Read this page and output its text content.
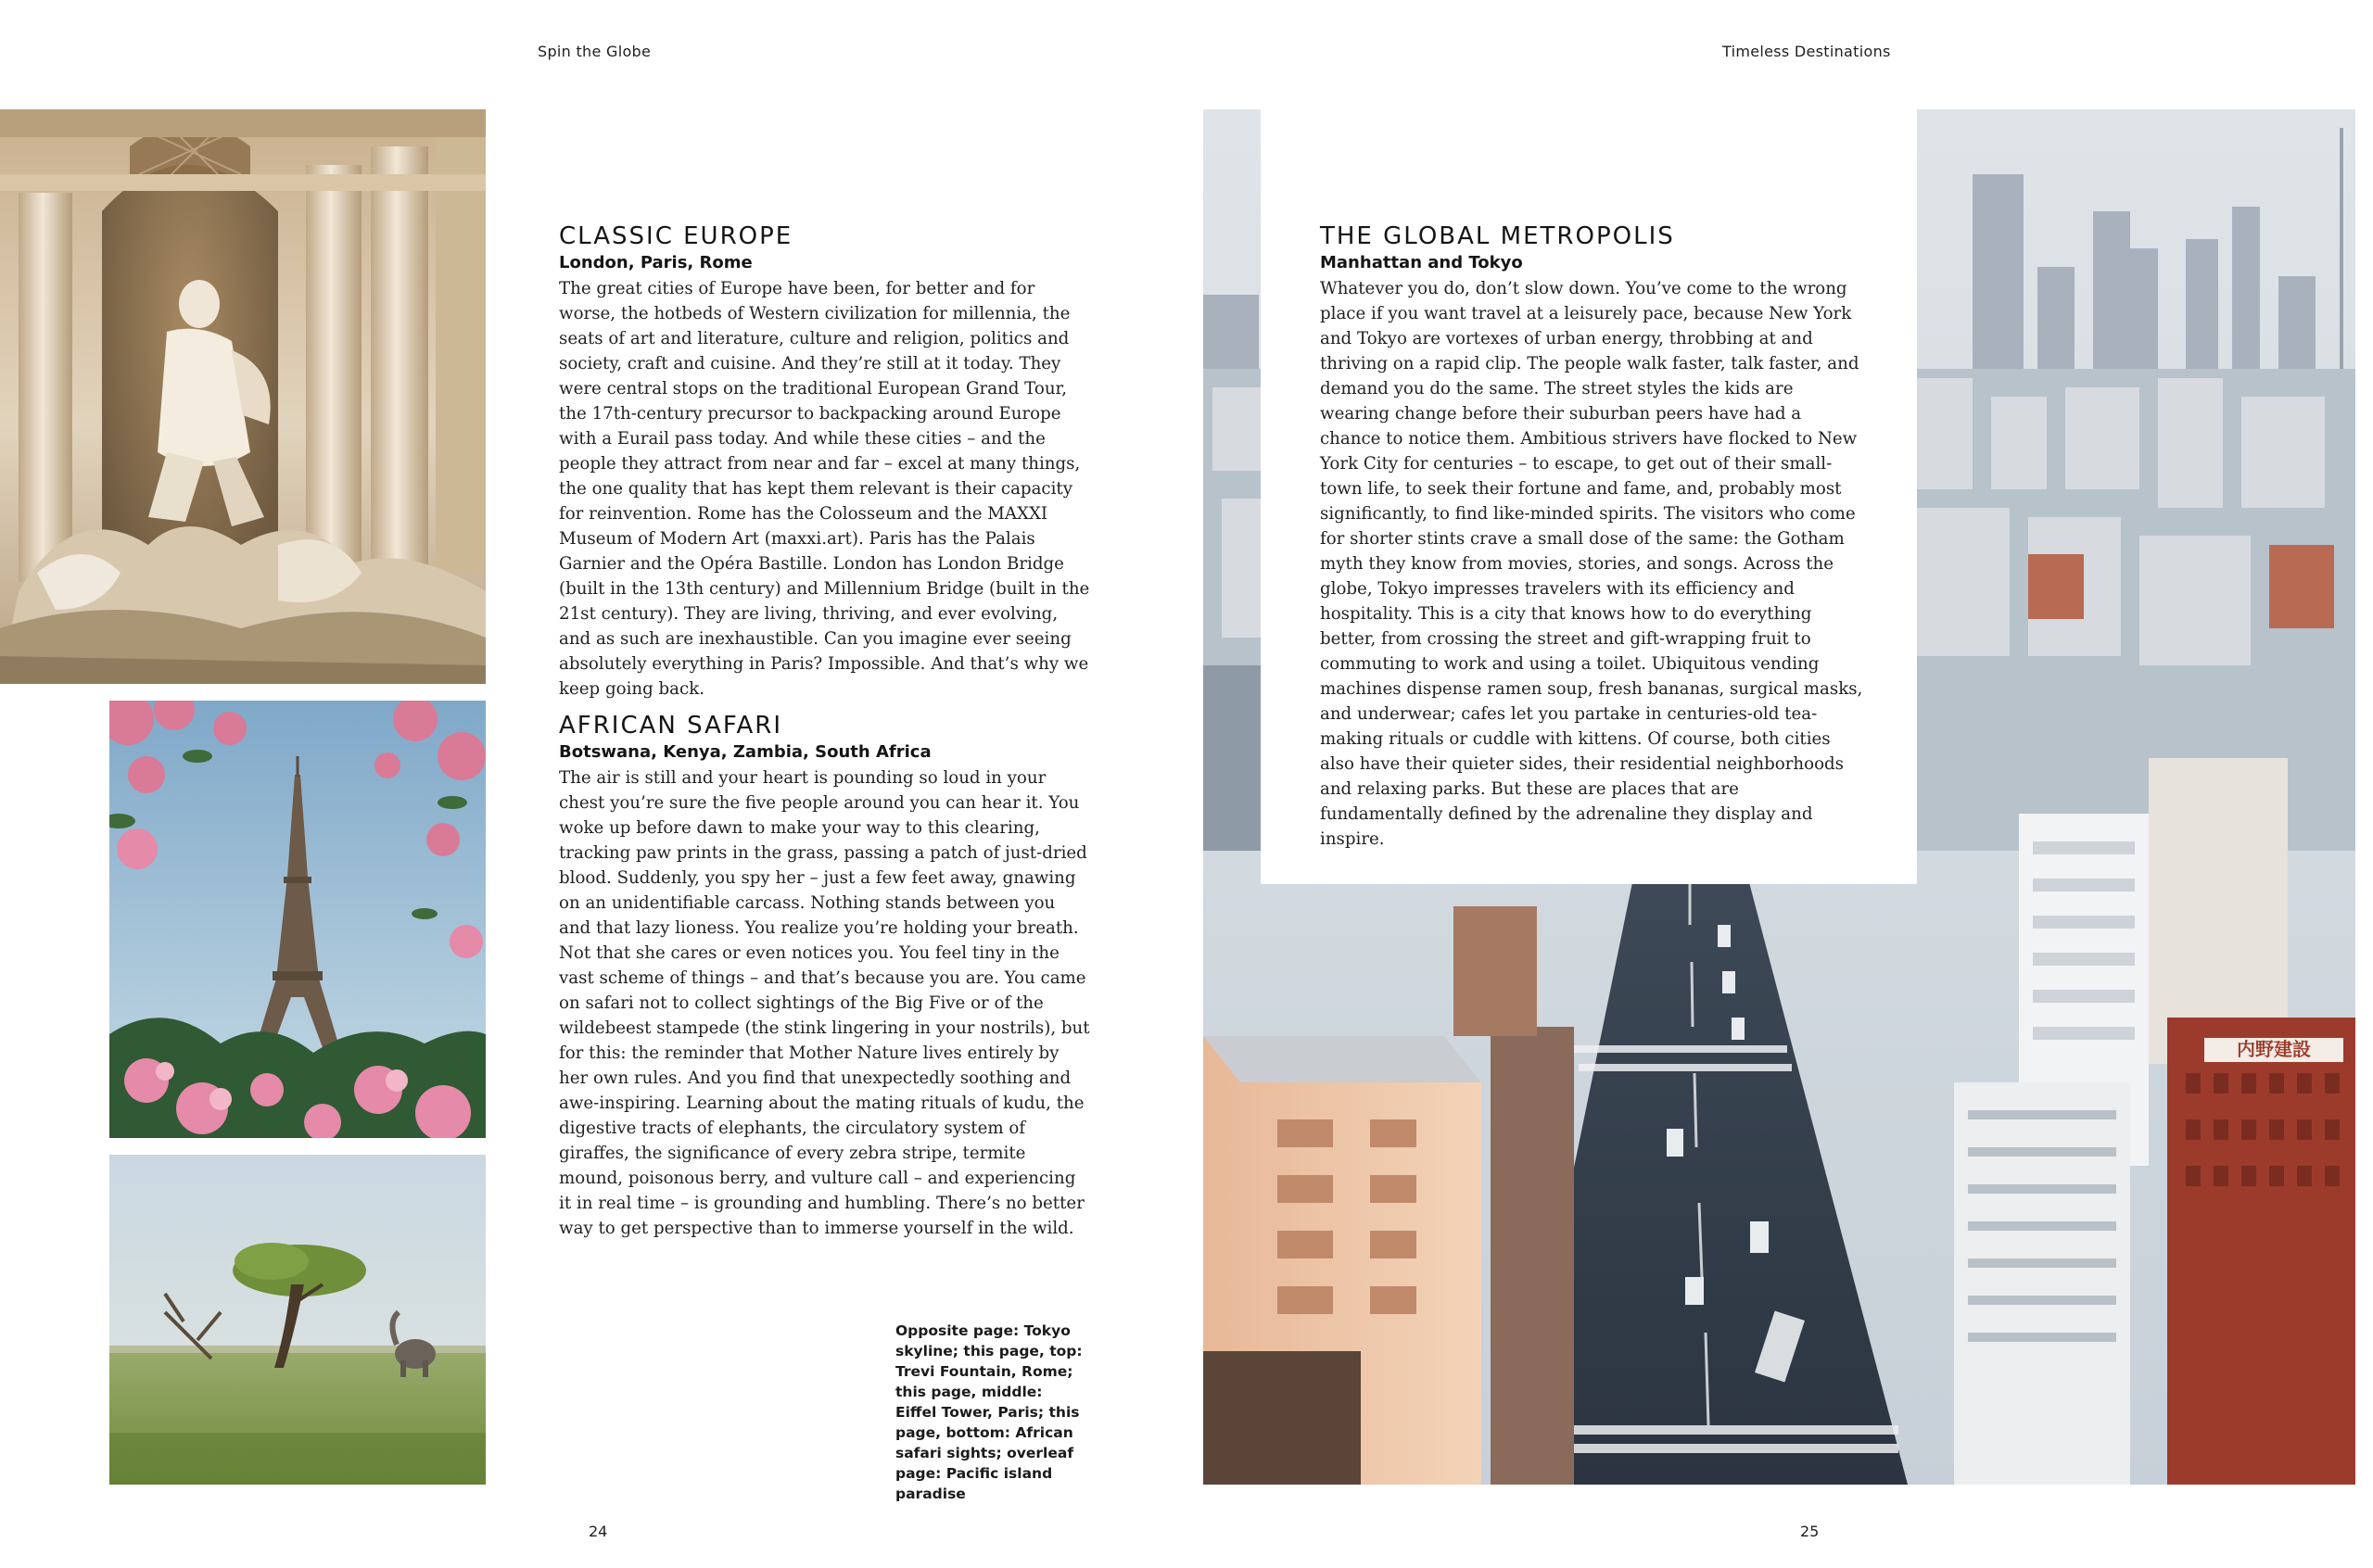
Spin the Globe	Timeless Destinations
CLASSIC EUROPE
London, Paris, Rome

The great cities of Europe have been, for better and for worse, the hotbeds of Western civilization for millennia, the seats of art and literature, culture and religion, politics and society, craft and cuisine. And they’re still at it today. They were central stops on the traditional European Grand Tour, the 17th-century precursor to backpacking around Europe with a Eurail pass today. And while these cities – and the people they attract from near and far – excel at many things, the one quality that has kept them relevant is their capacity for reinvention. Rome has the Colosseum and the MAXXI Museum of Modern Art (maxxi.art). Paris has the Palais Garnier and the Opéra Bastille. London has London Bridge (built in the 13th century) and Millennium Bridge (built in the 21st century). They are living, thriving, and ever evolving, and as such are inexhaustible. Can you imagine ever seeing absolutely everything in Paris? Impossible. And that’s why we keep going back.

AFRICAN SAFARI
Botswana, Kenya, Zambia, South Africa

The air is still and your heart is pounding so loud in your chest you’re sure the five people around you can hear it. You woke up before dawn to make your way to this clearing, tracking paw prints in the grass, passing a patch of just-dried blood. Suddenly, you spy her – just a few feet away, gnawing on an unidentifiable carcass. Nothing stands between you and that lazy lioness. You realize you’re holding your breath. Not that she cares or even notices you. You feel tiny in the vast scheme of things – and that’s because you are. You came on safari not to collect sightings of the Big Five or of the wildebeest stampede (the stink lingering in your nostrils), but for this: the reminder that Mother Nature lives entirely by her own rules. And you find that unexpectedly soothing and awe-inspiring. Learning about the mating rituals of kudu, the digestive tracts of elephants, the circulatory system of giraffes, the significance of every zebra stripe, termite mound, poisonous berry, and vulture call – and experiencing it in real time – is grounding and humbling. There’s no better way to get perspective than to immerse yourself in the wild.

Opposite page: Tokyo skyline; this page, top: Trevi Fountain, Rome; this page, middle: Eiffel Tower, Paris; this page, bottom: African safari sights; overleaf page: Pacific island paradise
内野建設
THE GLOBAL METROPOLIS
Manhattan and Tokyo

Whatever you do, don’t slow down. You’ve come to the wrong place if you want travel at a leisurely pace, because New York and Tokyo are vortexes of urban energy, throbbing at and thriving on a rapid clip. The people walk faster, talk faster, and demand you do the same. The street styles the kids are wearing change before their suburban peers have had a chance to notice them. Ambitious strivers have flocked to New York City for centuries – to escape, to get out of their small-town life, to seek their fortune and fame, and, probably most significantly, to find like-minded spirits. The visitors who come for shorter stints crave a small dose of the same: the Gotham myth they know from movies, stories, and songs. Across the globe, Tokyo impresses travelers with its efficiency and hospitality. This is a city that knows how to do everything better, from crossing the street and gift-wrapping fruit to commuting to work and using a toilet. Ubiquitous vending machines dispense ramen soup, fresh bananas, surgical masks, and underwear; cafes let you partake in centuries-old tea-making rituals or cuddle with kittens. Of course, both cities also have their quieter sides, their residential neighborhoods and relaxing parks. But these are places that are fundamentally defined by the adrenaline they display and inspire.

24	25
